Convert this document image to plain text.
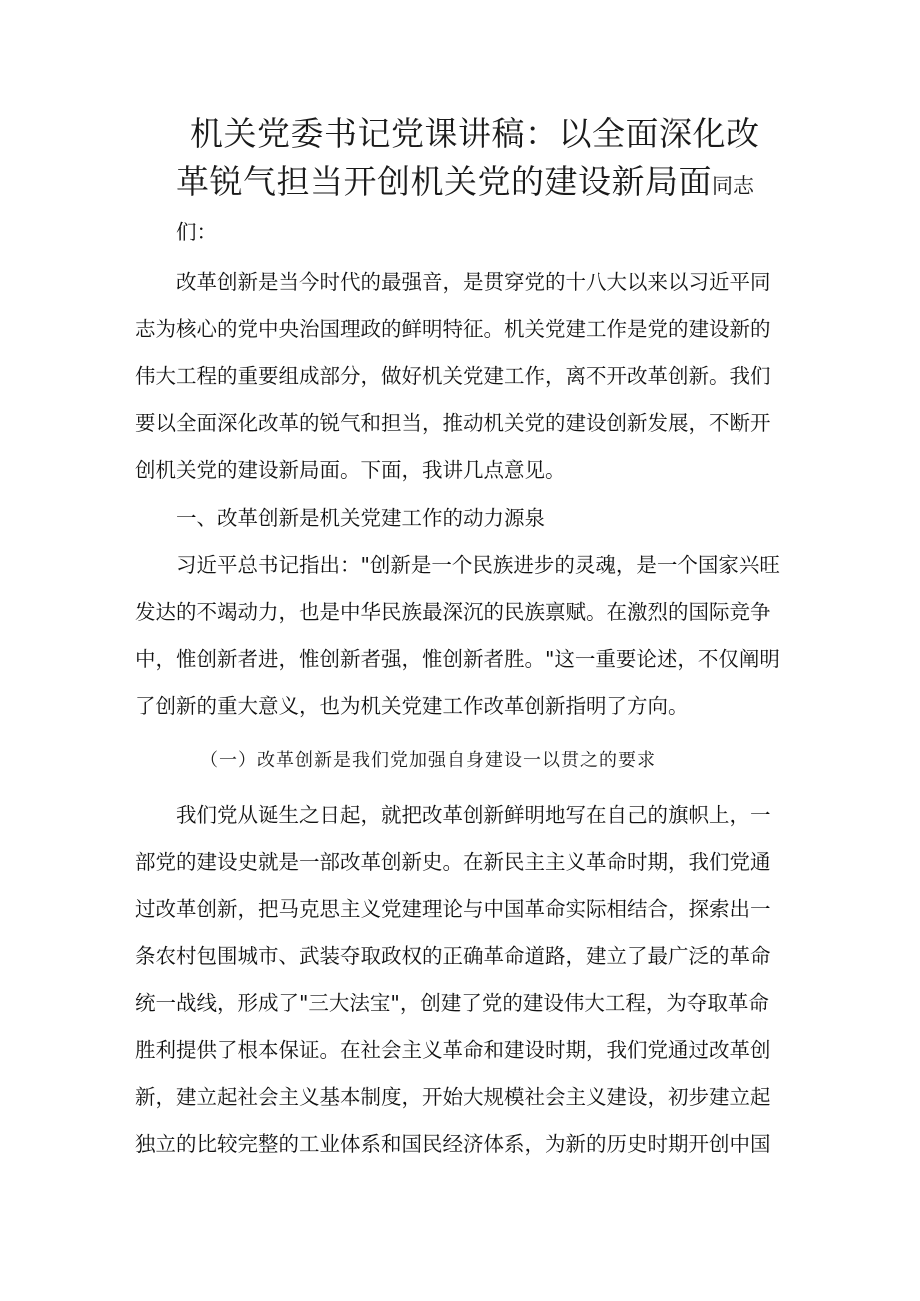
机关党委书记党课讲稿：以全面深化改
革锐气担当开创机关党的建设新局面同志

们：

改革创新是当今时代的最强音，是贯穿党的十八大以来以习近平同志为核心的党中央治国理政的鲜明特征。机关党建工作是党的建设新的伟大工程的重要组成部分，做好机关党建工作，离不开改革创新。我们要以全面深化改革的锐气和担当，推动机关党的建设创新发展，不断开创机关党的建设新局面。下面，我讲几点意见。

一、改革创新是机关党建工作的动力源泉

习近平总书记指出："创新是一个民族进步的灵魂，是一个国家兴旺发达的不竭动力，也是中华民族最深沉的民族禀赋。在激烈的国际竞争中，惟创新者进，惟创新者强，惟创新者胜。"这一重要论述，不仅阐明了创新的重大意义，也为机关党建工作改革创新指明了方向。

（一）改革创新是我们党加强自身建设一以贯之的要求

我们党从诞生之日起，就把改革创新鲜明地写在自己的旗帜上，一部党的建设史就是一部改革创新史。在新民主主义革命时期，我们党通过改革创新，把马克思主义党建理论与中国革命实际相结合，探索出一条农村包围城市、武装夺取政权的正确革命道路，建立了最广泛的革命统一战线，形成了"三大法宝"，创建了党的建设伟大工程，为夺取革命胜利提供了根本保证。在社会主义革命和建设时期，我们党通过改革创新，建立起社会主义基本制度，开始大规模社会主义建设，初步建立起独立的比较完整的工业体系和国民经济体系，为新的历史时期开创中国
